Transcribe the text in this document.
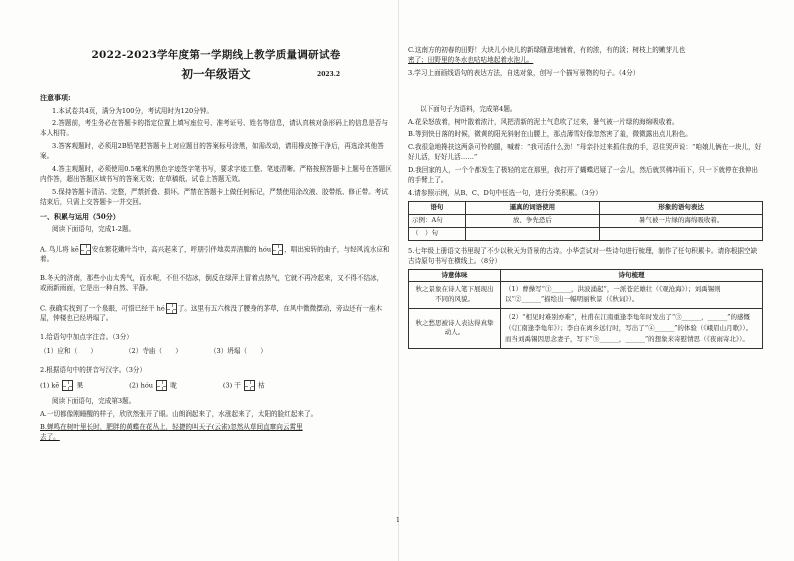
2022-2023学年度第一学期线上教学质量调研试卷
初一年级语文	2023.2
注意事项:

1.本试卷共4页，满分为100分，考试用时为120分钟。

2.答题前，考生务必在答题卡的指定位置上填写座位号、准考证号、姓名等信息，请认真核对条形码上的信息是否与本人相符。

3.答客观题时，必须用2B铅笔把答题卡上对应题目的答案标号涂黑，如需改动，请用橡皮擦干净后，再选涂其他答案。

4.答主观题时，必须使用0.5毫米的黑色字迹签字笔书写，要求字迹工整、笔迹清晰。严格按照答题卡上题号在答题区内作答，超出答题区域书写的答案无效；在草稿纸、试卷上答题无效。

5.保持答题卡清洁、完整，严禁折叠、损坏。严禁在答题卡上做任何标记，严禁使用涂改液、胶带纸、修正带。考试结束后，只需上交答题卡一并交回。

一、积累与运用（50分）

阅读下面语句，完成1-2题。

A. 鸟儿将 kē 安在繁花嫩叶当中，高兴起来了，呼朋引伴地卖弄清脆的 hóu ，唱出宛转的曲子，与轻风流水应和着。

B.冬天的济南，那些小山太秀气，而水呢，不但不结冰，倒反在绿萍上冒着点热气，它就不再冷起来，又不得不结冰，
或雨新雨面，它是出一种自然、平静。

C. 我确实找到了一个泉眼，可惜已经干 hé 了。这里有五六株没了腰身的茅草，在风中微微摆动，旁边还有一座木屋，钟楼也已经坍塌了。

1.给语句中加点字注音。（3分）

（1）应和（　　）	（2）寺庙（　　）	（3）坍塌（　　）

2.根据语句中的拼音写汉字。（3分）

(1) kē	果	(2) hóu	咙	(3) 干	枯

阅读下面语句，完成第3题。

A.一切都像刚睡醒的样子，欣欣然张开了眼。山朗润起来了，水涨起来了，太阳的脸红起来了。

B.蝉鸣在树叶里长时，肥胖的黄蝶在花丛上，轻捷的叫天子(云雀)忽然从草间直窜向云霄里
去了。

C.这南方的初春的田野！大块儿小块儿的新绿随意地铺着，有的浓，有的淡；树枝上的嫩芽儿也
密了；田野里的冬水也咕咕地起着水泡儿。

3.学习上面画线语句的表达方法，自选对象，创写一个描写景物的句子。（4分）

以下面句子为语料，完成第4题。

A.花朵怒放着，树叶散着浓汁，风把清新的泥土气息吹了过来，暑气被一片绿的海绵吸收着。

B.等到快日落的时候，微黄的阳光斜射在山腰上，那点薄雪好像忽然害了羞，微微露出点儿粉色。

C.我很急地搀扶这两条可怜的腿，喊着：“我可活什么劲！”母亲扑过来抓住我的手，忍住哭声说：“咱娘儿俩在一块儿，好好儿活，好好儿活……”

D.我回家的人，一个个都发生了极轻的定在那里，我打开了蝴蝶迟疑了一会儿，然后就冥佛冲而下，只一下就停在我伸出的手臂上了。

4.请参照示例，从B、C、D句中任选一句，进行分类积累。（3分）

语句	逼真的词语使用	形象的语句表达
示例：A句	放、争先恐后	暑气被一片绿的海绵吸收着。
（　）句		

5.七年级上册语文书里现了不少以秋天为背景的古诗。小华尝试对一些诗句进行梳理，制作了任句积累卡。请你根据空缺古诗原句书写在横线上。（8分）

诗意体味	诗句梳理
秋之景象在诗人笔下展现出不同的风貌。	（1）曹操写“①______，洪波涌起”，一派苍茫雄壮（《观沧海》）；刘禹锡则以“②______”描绘出一幅明丽秋景（《秋词》）。
秋之愁思被诗人表达得真挚动人。	（2）“相见时难别亦难”，杜甫在江南重逢李龟年时发出了“③______，______”的感慨（《江南逢李龟年》）；李白在离乡远行时，写出了“④______”的体验（《峨眉山月歌》）。而当刘禹锡因思念妻子，写下“⑤______，______”的想象来寄慰情思（《夜雨寄北》）。
1
